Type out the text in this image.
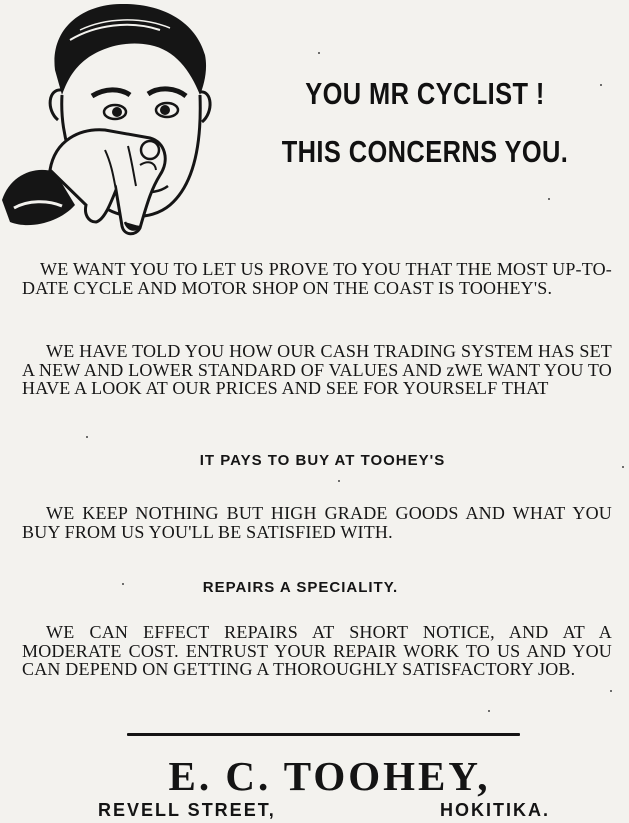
YOU MR CYCLIST !
THIS CONCERNS YOU.
WE WANT YOU TO LET US PROVE TO YOU THAT THE MOST UP-TO-DATE CYCLE AND MOTOR SHOP ON THE COAST IS TOOHEY'S.
WE HAVE TOLD YOU HOW OUR CASH TRADING SYSTEM HAS SET A NEW AND LOWER STANDARD OF VALUES AND zWE WANT YOU TO HAVE A LOOK AT OUR PRICES AND SEE FOR YOURSELF THAT
IT PAYS TO BUY AT TOOHEY'S
WE KEEP NOTHING BUT HIGH GRADE GOODS AND WHAT YOU BUY FROM US YOU'LL BE SATISFIED WITH.
REPAIRS A SPECIALITY.
WE CAN EFFECT REPAIRS AT SHORT NOTICE, AND AT A MODERATE COST. ENTRUST YOUR REPAIR WORK TO US AND YOU CAN DEPEND ON GETTING A THOROUGHLY SATISFACTORY JOB.
E. C. TOOHEY,
REVELL STREET,	HOKITIKA.
